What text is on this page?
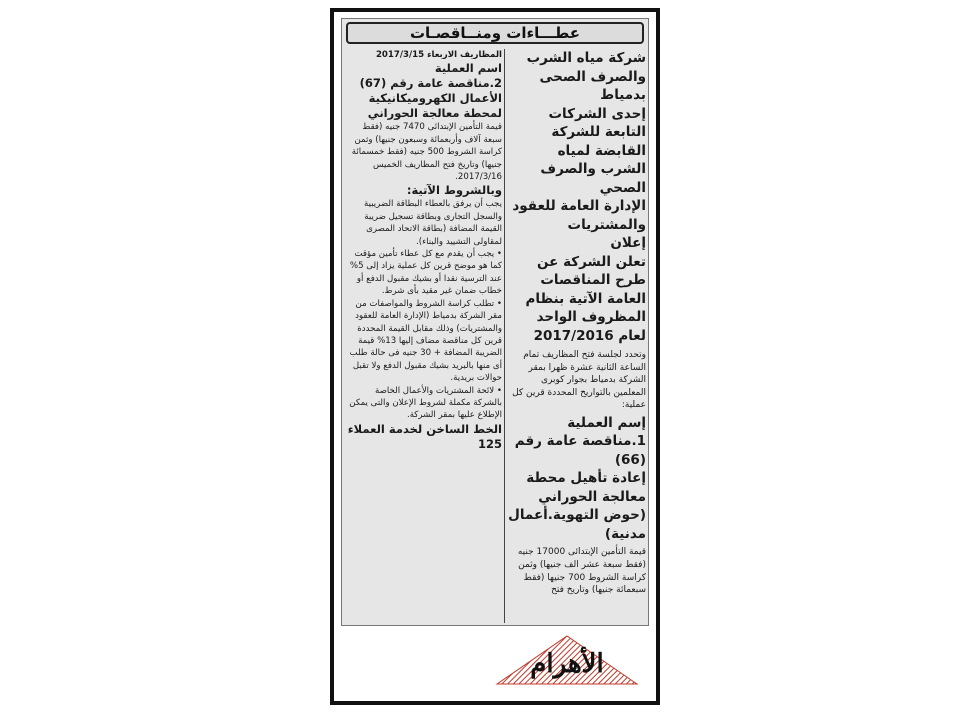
عطـــاءات ومنــاقصـات

شركة مياه الشرب والصرف الصحى بدمياط

إحدى الشركات التابعة للشركة القابضة لمياه الشرب والصرف الصحي

الإدارة العامة للعقود والمشتريات

إعلان

تعلن الشركة عن طرح المناقصات العامة الآتية بنظام المظروف الواحد لعام 2017/2016

وتحدد لجلسة فتح المظاريف تمام الساعة الثانية عشرة ظهرا بمقر الشركة بدمياط بجوار كوبرى المعلمين بالتواريخ المحددة قرين كل عملية:

إسم العملية

1.مناقصة عامة رقم (66)

إعادة تأهيل محطة معالجة الحوراني (حوض التهوية.أعمال مدنية)

قيمة التأمين الإبتدائى 17000 جنيه (فقط سبعة عشر الف جنيها) وثمن كراسة الشروط 700 جنيها (فقط سبعمائة جنيها) وتاريخ فتح

المظاريف الاربعاء 2017/3/15

اسم العملية

2.مناقصة عامة رقم (67)

الأعمال الكهروميكانيكية لمحطة معالجة الحوراني

قيمة التأمين الإبتدائى 7470 جنيه (فقط سبعة آلاف وأربعمائة وسبعون جنيها) وثمن كراسة الشروط 500 جنيه (فقط خمسمائة جنيها) وتاريخ فتح المظاريف الخميس 2017/3/16.

وبالشروط الآتية:

يجب أن يرفق بالعطاء البطاقة الضريبية والسجل التجارى وبطاقة تسجيل ضريبة القيمة المضافة (بطاقة الاتحاد المصرى لمقاولى التشييد والبناء).

• يجب أن يقدم مع كل عطاء تأمين مؤقت كما هو موضح قرين كل عملية يزاد إلى 5% عند الترسية نقدا أو بشيك مقبول الدفع أو خطاب ضمان غير مقيد بأى شرط.

• تطلب كراسة الشروط والمواصفات من مقر الشركة بدمياط (الإدارة العامة للعقود والمشتريات) وذلك مقابل القيمة المحددة قرين كل مناقصة مضاف إليها 13% قيمة الضريبة المضافة + 30 جنيه فى حالة طلب أى منها بالبريد بشيك مقبول الدفع ولا تقبل حوالات بريدية.

• لائحة المشتريات والأعمال الخاصة بالشركة مكملة لشروط الإعلان والتى يمكن الإطلاع عليها بمقر الشركة.

الخط الساخن لخدمة العملاء 125

الأهرام
